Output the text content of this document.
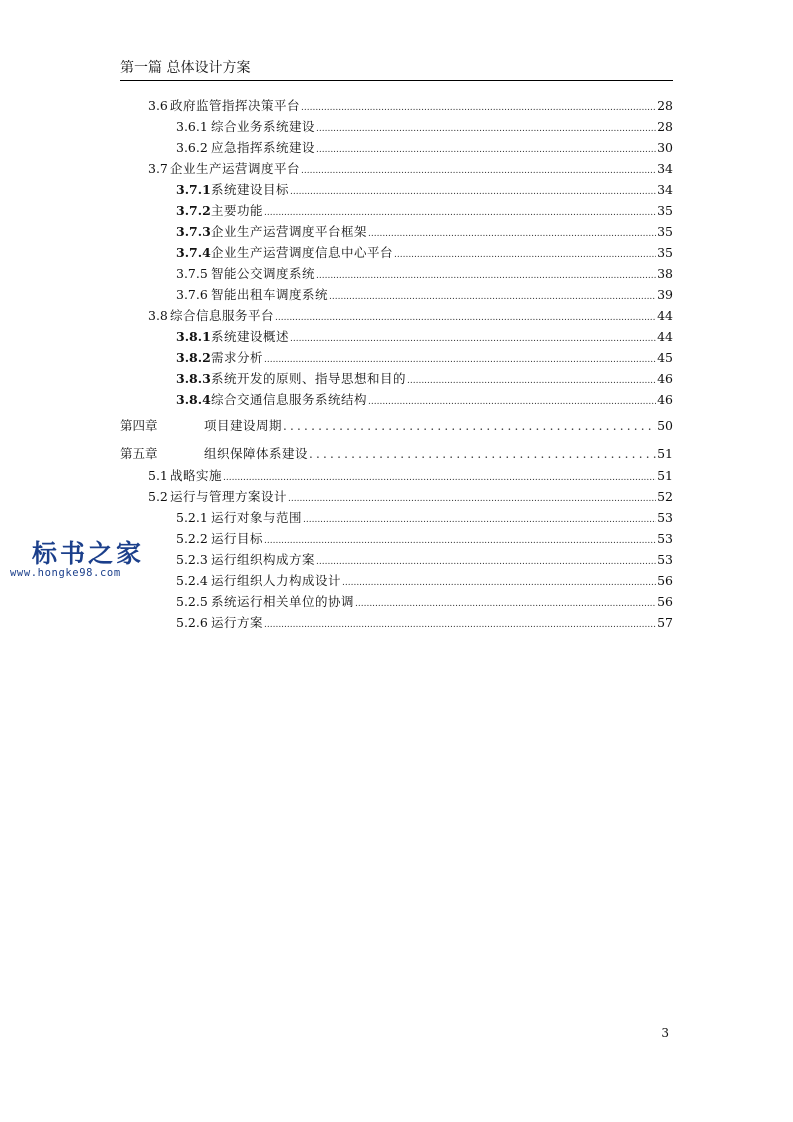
第一篇 总体设计方案
3.6 政府监管指挥决策平台 .....	28
3.6.1 综合业务系统建设 .....	28
3.6.2 应急指挥系统建设 .....	30
3.7 企业生产运营调度平台 .....	34
3.7.1 系统建设目标 .....	34
3.7.2 主要功能 .....	35
3.7.3 企业生产运营调度平台框架 .....	35
3.7.4 企业生产运营调度信息中心平台 .....	35
3.7.5 智能公交调度系统 .....	38
3.7.6 智能出租车调度系统 .....	39
3.8 综合信息服务平台 .....	44
3.8.1 系统建设概述 .....	44
3.8.2 需求分析 .....	45
3.8.3 系统开发的原则、指导思想和目的 .....	46
3.8.4 综合交通信息服务系统结构 .....	46
第四章	项目建设周期 .....	50
第五章	组织保障体系建设 .....	51
5.1 战略实施 .....	51
5.2 运行与管理方案设计 .....	52
5.2.1 运行对象与范围 .....	53
5.2.2 运行目标 .....	53
5.2.3 运行组织构成方案 .....	53
5.2.4 运行组织人力构成设计 .....	56
5.2.5 系统运行相关单位的协调 .....	56
5.2.6 运行方案 .....	57
标书之家
www.hongke98.com
3
